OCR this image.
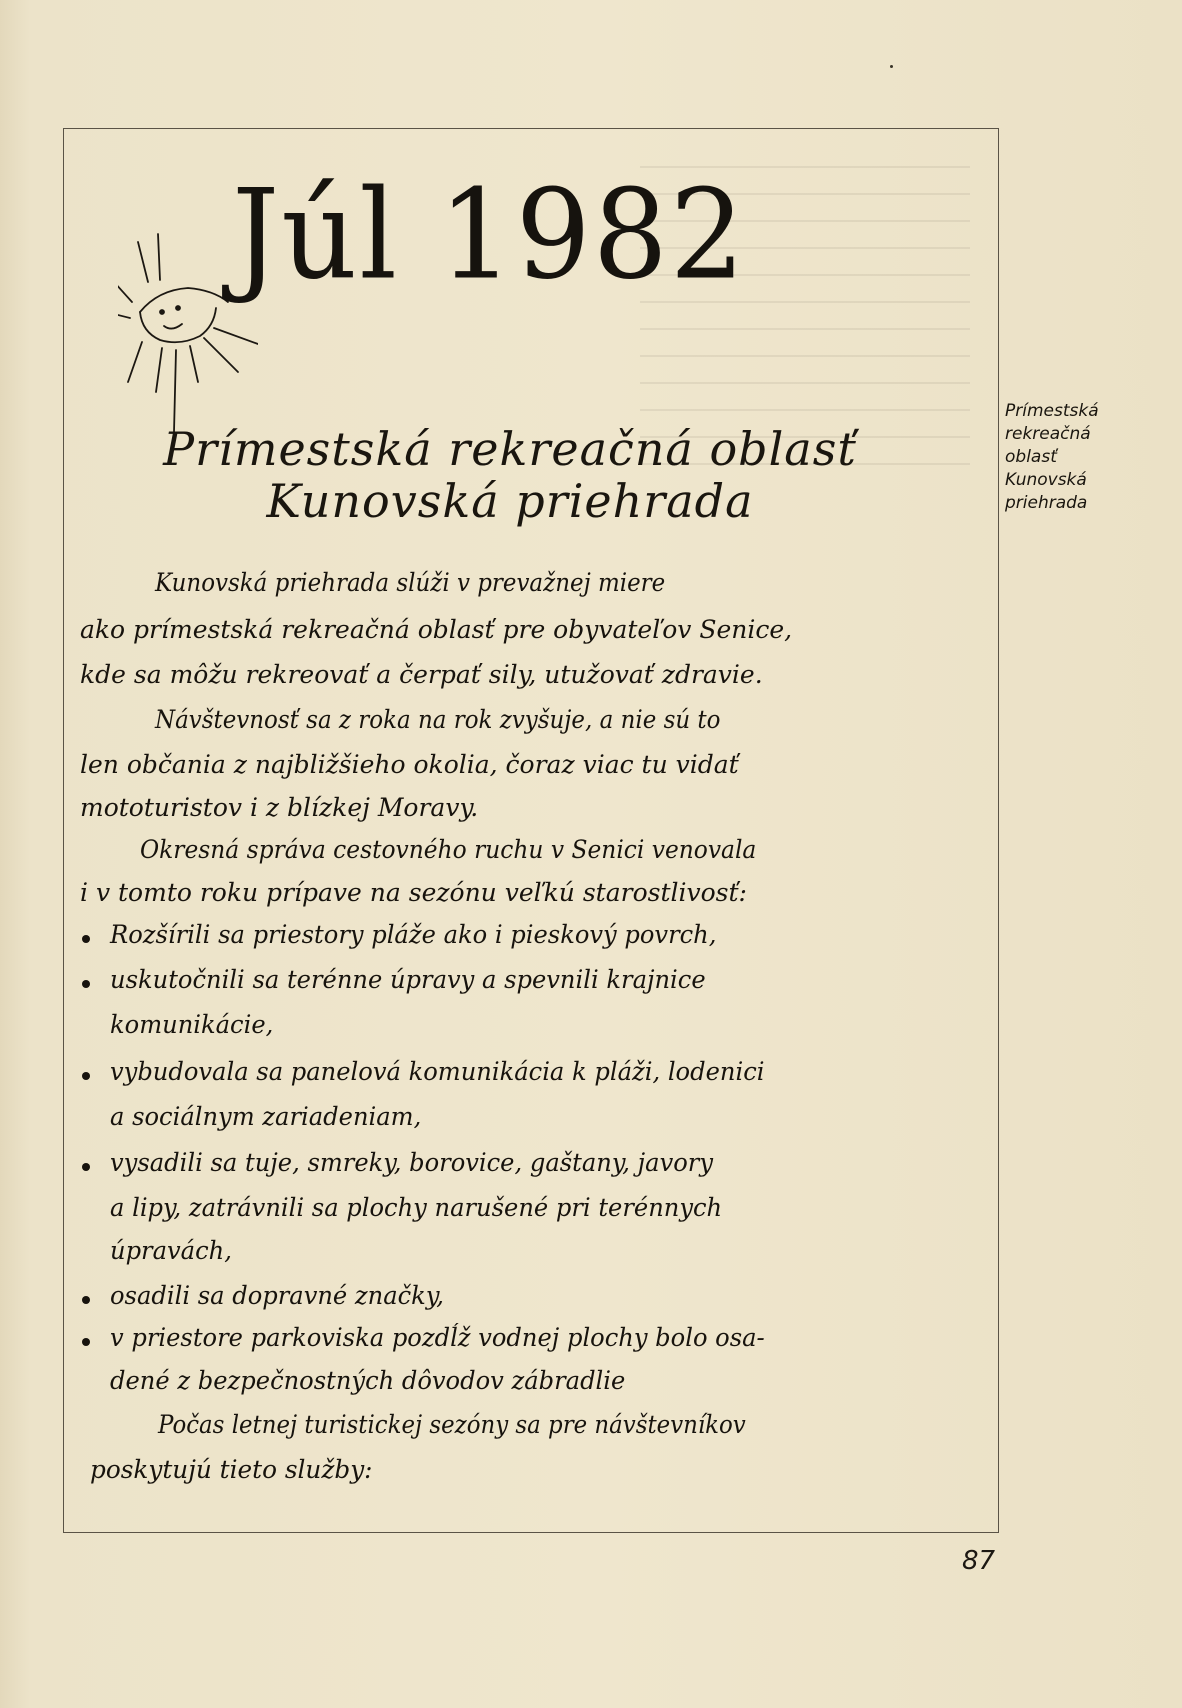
Júl 1982
Prímestská rekreačná oblasť
Kunovská priehrada
Prímestská
rekreačná
oblasť
Kunovská
priehrada
Kunovská priehrada slúži v prevažnej miere
ako prímestská rekreačná oblasť pre obyvateľov Senice,
kde sa môžu rekreovať a čerpať sily, utužovať zdravie.
Návštevnosť sa z roka na rok zvyšuje, a nie sú to
len občania z najbližšieho okolia, čoraz viac tu vidať
mototuristov i z blízkej Moravy.
Okresná správa cestovného ruchu v Senici venovala
i v tomto roku prípave na sezónu veľkú starostlivosť:
Rozšírili sa priestory pláže ako i pieskový povrch,
uskutočnili sa terénne úpravy a spevnili krajnice
komunikácie,
vybudovala sa panelová komunikácia k pláži, lodenici
a sociálnym zariadeniam,
vysadili sa tuje, smreky, borovice, gaštany, javory
a lipy, zatrávnili sa plochy narušené pri terénnych
úpravách,
osadili sa dopravné značky,
v priestore parkoviska pozdĺž vodnej plochy bolo osa-
dené z bezpečnostných dôvodov zábradlie
Počas letnej turistickej sezóny sa pre návštevníkov
poskytujú tieto služby:
87
